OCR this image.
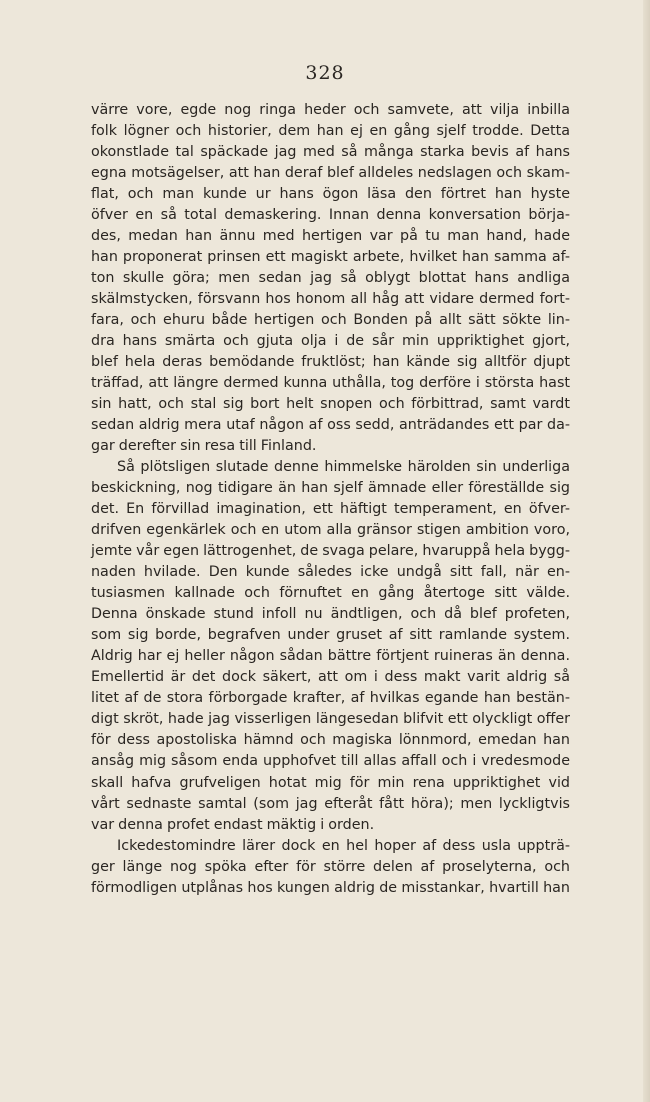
328
värre vore, egde nog ringa heder och samvete, att vilja inbilla
folk lögner och historier, dem han ej en gång sjelf trodde. Detta
okonstlade tal späckade jag med så många starka bevis af hans
egna motsägelser, att han deraf blef alldeles nedslagen och skam-
flat, och man kunde ur hans ögon läsa den förtret han hyste
öfver en så total demaskering. Innan denna konversation börja-
des, medan han ännu med hertigen var på tu man hand, hade
han proponerat prinsen ett magiskt arbete, hvilket han samma af-
ton skulle göra; men sedan jag så oblygt blottat hans andliga
skälmstycken, försvann hos honom all håg att vidare dermed fort-
fara, och ehuru både hertigen och Bonden på allt sätt sökte lin-
dra hans smärta och gjuta olja i de sår min uppriktighet gjort,
blef hela deras bemödande fruktlöst; han kände sig alltför djupt
träffad, att längre dermed kunna uthålla, tog derföre i största hast
sin hatt, och stal sig bort helt snopen och förbittrad, samt vardt
sedan aldrig mera utaf någon af oss sedd, anträdandes ett par da-
gar derefter sin resa till Finland.
Så plötsligen slutade denne himmelske härolden sin underliga
beskickning, nog tidigare än han sjelf ämnade eller föreställde sig
det. En förvillad imagination, ett häftigt temperament, en öfver-
drifven egenkärlek och en utom alla gränsor stigen ambition voro,
jemte vår egen lättrogenhet, de svaga pelare, hvaruppå hela bygg-
naden hvilade. Den kunde således icke undgå sitt fall, när en-
tusiasmen kallnade och förnuftet en gång återtoge sitt välde.
Denna önskade stund infoll nu ändtligen, och då blef profeten,
som sig borde, begrafven under gruset af sitt ramlande system.
Aldrig har ej heller någon sådan bättre förtjent ruineras än denna.
Emellertid är det dock säkert, att om i dess makt varit aldrig så
litet af de stora förborgade krafter, af hvilkas egande han bestän-
digt skröt, hade jag visserligen längesedan blifvit ett olyckligt offer
för dess apostoliska hämnd och magiska lönnmord, emedan han
ansåg mig såsom enda upphofvet till allas affall och i vredesmode
skall hafva grufveligen hotat mig för min rena uppriktighet vid
vårt sednaste samtal (som jag efteråt fått höra); men lyckligtvis
var denna profet endast mäktig i orden.
Ickedestomindre lärer dock en hel hoper af dess usla uppträ-
ger länge nog spöka efter för större delen af proselyterna, och
förmodligen utplånas hos kungen aldrig de misstankar, hvartill han
